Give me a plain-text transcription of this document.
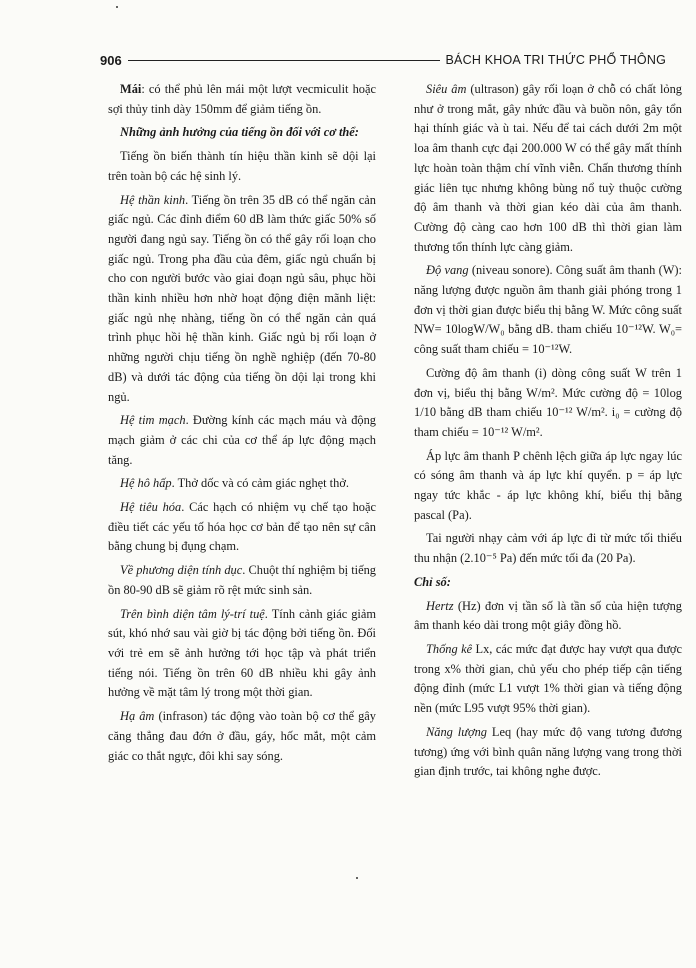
906	BÁCH KHOA TRI THỨC PHỔ THÔNG

Mái: có thể phủ lên mái một lượt vecmiculit hoặc sợi thủy tinh dày 150mm để giảm tiếng ồn.

Những ảnh hưởng của tiếng ồn đối với cơ thể:

Tiếng ồn biến thành tín hiệu thần kinh sẽ dội lại trên toàn bộ các hệ sinh lý.

Hệ thần kinh. Tiếng ồn trên 35 dB có thể ngăn cản giấc ngủ. Các đỉnh điểm 60 dB làm thức giấc 50% số người đang ngủ say. Tiếng ồn có thể gây rối loạn cho giấc ngủ. Trong pha đầu của đêm, giấc ngủ chuẩn bị cho con người bước vào giai đoạn ngủ sâu, phục hồi thần kinh nhiều hơn nhờ hoạt động điện mãnh liệt: giấc ngủ nhẹ nhàng, tiếng ồn có thể ngăn cản quá trình phục hồi hệ thần kinh. Giấc ngủ bị rối loạn ở những người chịu tiếng ồn nghề nghiệp (đến 70-80 dB) và dưới tác động của tiếng ồn dội lại trong khi ngủ.

Hệ tim mạch. Đường kính các mạch máu và động mạch giảm ở các chi của cơ thể áp lực động mạch tăng.

Hệ hô hấp. Thở dốc và có cảm giác nghẹt thở.

Hệ tiêu hóa. Các hạch có nhiệm vụ chế tạo hoặc điều tiết các yếu tố hóa học cơ bản để tạo nên sự cân bằng chung bị đụng chạm.

Về phương diện tính dục. Chuột thí nghiệm bị tiếng ồn 80-90 dB sẽ giảm rõ rệt mức sinh sản.

Trên bình diện tâm lý-trí tuệ. Tính cảnh giác giảm sút, khó nhớ sau vài giờ bị tác động bởi tiếng ồn. Đối với trẻ em sẽ ảnh hưởng tới học tập và phát triển tiếng nói. Tiếng ồn trên 60 dB nhiều khi gây ảnh hưởng về mặt tâm lý trong một thời gian.

Hạ âm (infrason) tác động vào toàn bộ cơ thể gây căng thẳng đau đớn ở đầu, gáy, hốc mắt, một cảm giác co thắt ngực, đôi khi say sóng.

Siêu âm (ultrason) gây rối loạn ở chỗ có chất lỏng như ở trong mắt, gây nhức đầu và buồn nôn, gây tổn hại thính giác và ù tai. Nếu để tai cách dưới 2m một loa âm thanh cực đại 200.000 W có thể gây mất thính lực hoàn toàn thậm chí vĩnh viễn. Chấn thương thính giác liên tục nhưng không bùng nổ tuỳ thuộc cường độ âm thanh và thời gian kéo dài của âm thanh. Cường độ càng cao hơn 100 dB thì thời gian làm thương tổn thính lực càng giảm.

Độ vang (niveau sonore). Công suất âm thanh (W): năng lượng được nguồn âm thanh giải phóng trong 1 đơn vị thời gian được biểu thị bằng W. Mức công suất NW= 10logW/W₀ bằng dB. tham chiếu 10⁻¹²W. W₀= công suất tham chiếu = 10⁻¹²W.

Cường độ âm thanh (i) dòng công suất W trên 1 đơn vị, biểu thị bằng W/m². Mức cường độ = 10log 1/10 bằng dB tham chiếu 10⁻¹² W/m². i₀ = cường độ tham chiếu = 10⁻¹² W/m².

Áp lực âm thanh P chênh lệch giữa áp lực ngay lúc có sóng âm thanh và áp lực khí quyển. p = áp lực ngay tức khắc - áp lực không khí, biểu thị bằng pascal (Pa).

Tai người nhạy cảm với áp lực đi từ mức tối thiểu thu nhận (2.10⁻⁵ Pa) đến mức tối đa (20 Pa).

Chỉ số:

Hertz (Hz) đơn vị tần số là tần số của hiện tượng âm thanh kéo dài trong một giây đồng hồ.

Thống kê Lx, các mức đạt được hay vượt qua được trong x% thời gian, chủ yếu cho phép tiếp cận tiếng động đỉnh (mức L1 vượt 1% thời gian và tiếng động nền (mức L95 vượt 95% thời gian).

Năng lượng Leq (hay mức độ vang tương đương tương) ứng với bình quân năng lượng vang trong thời gian định trước, tai không nghe được.
